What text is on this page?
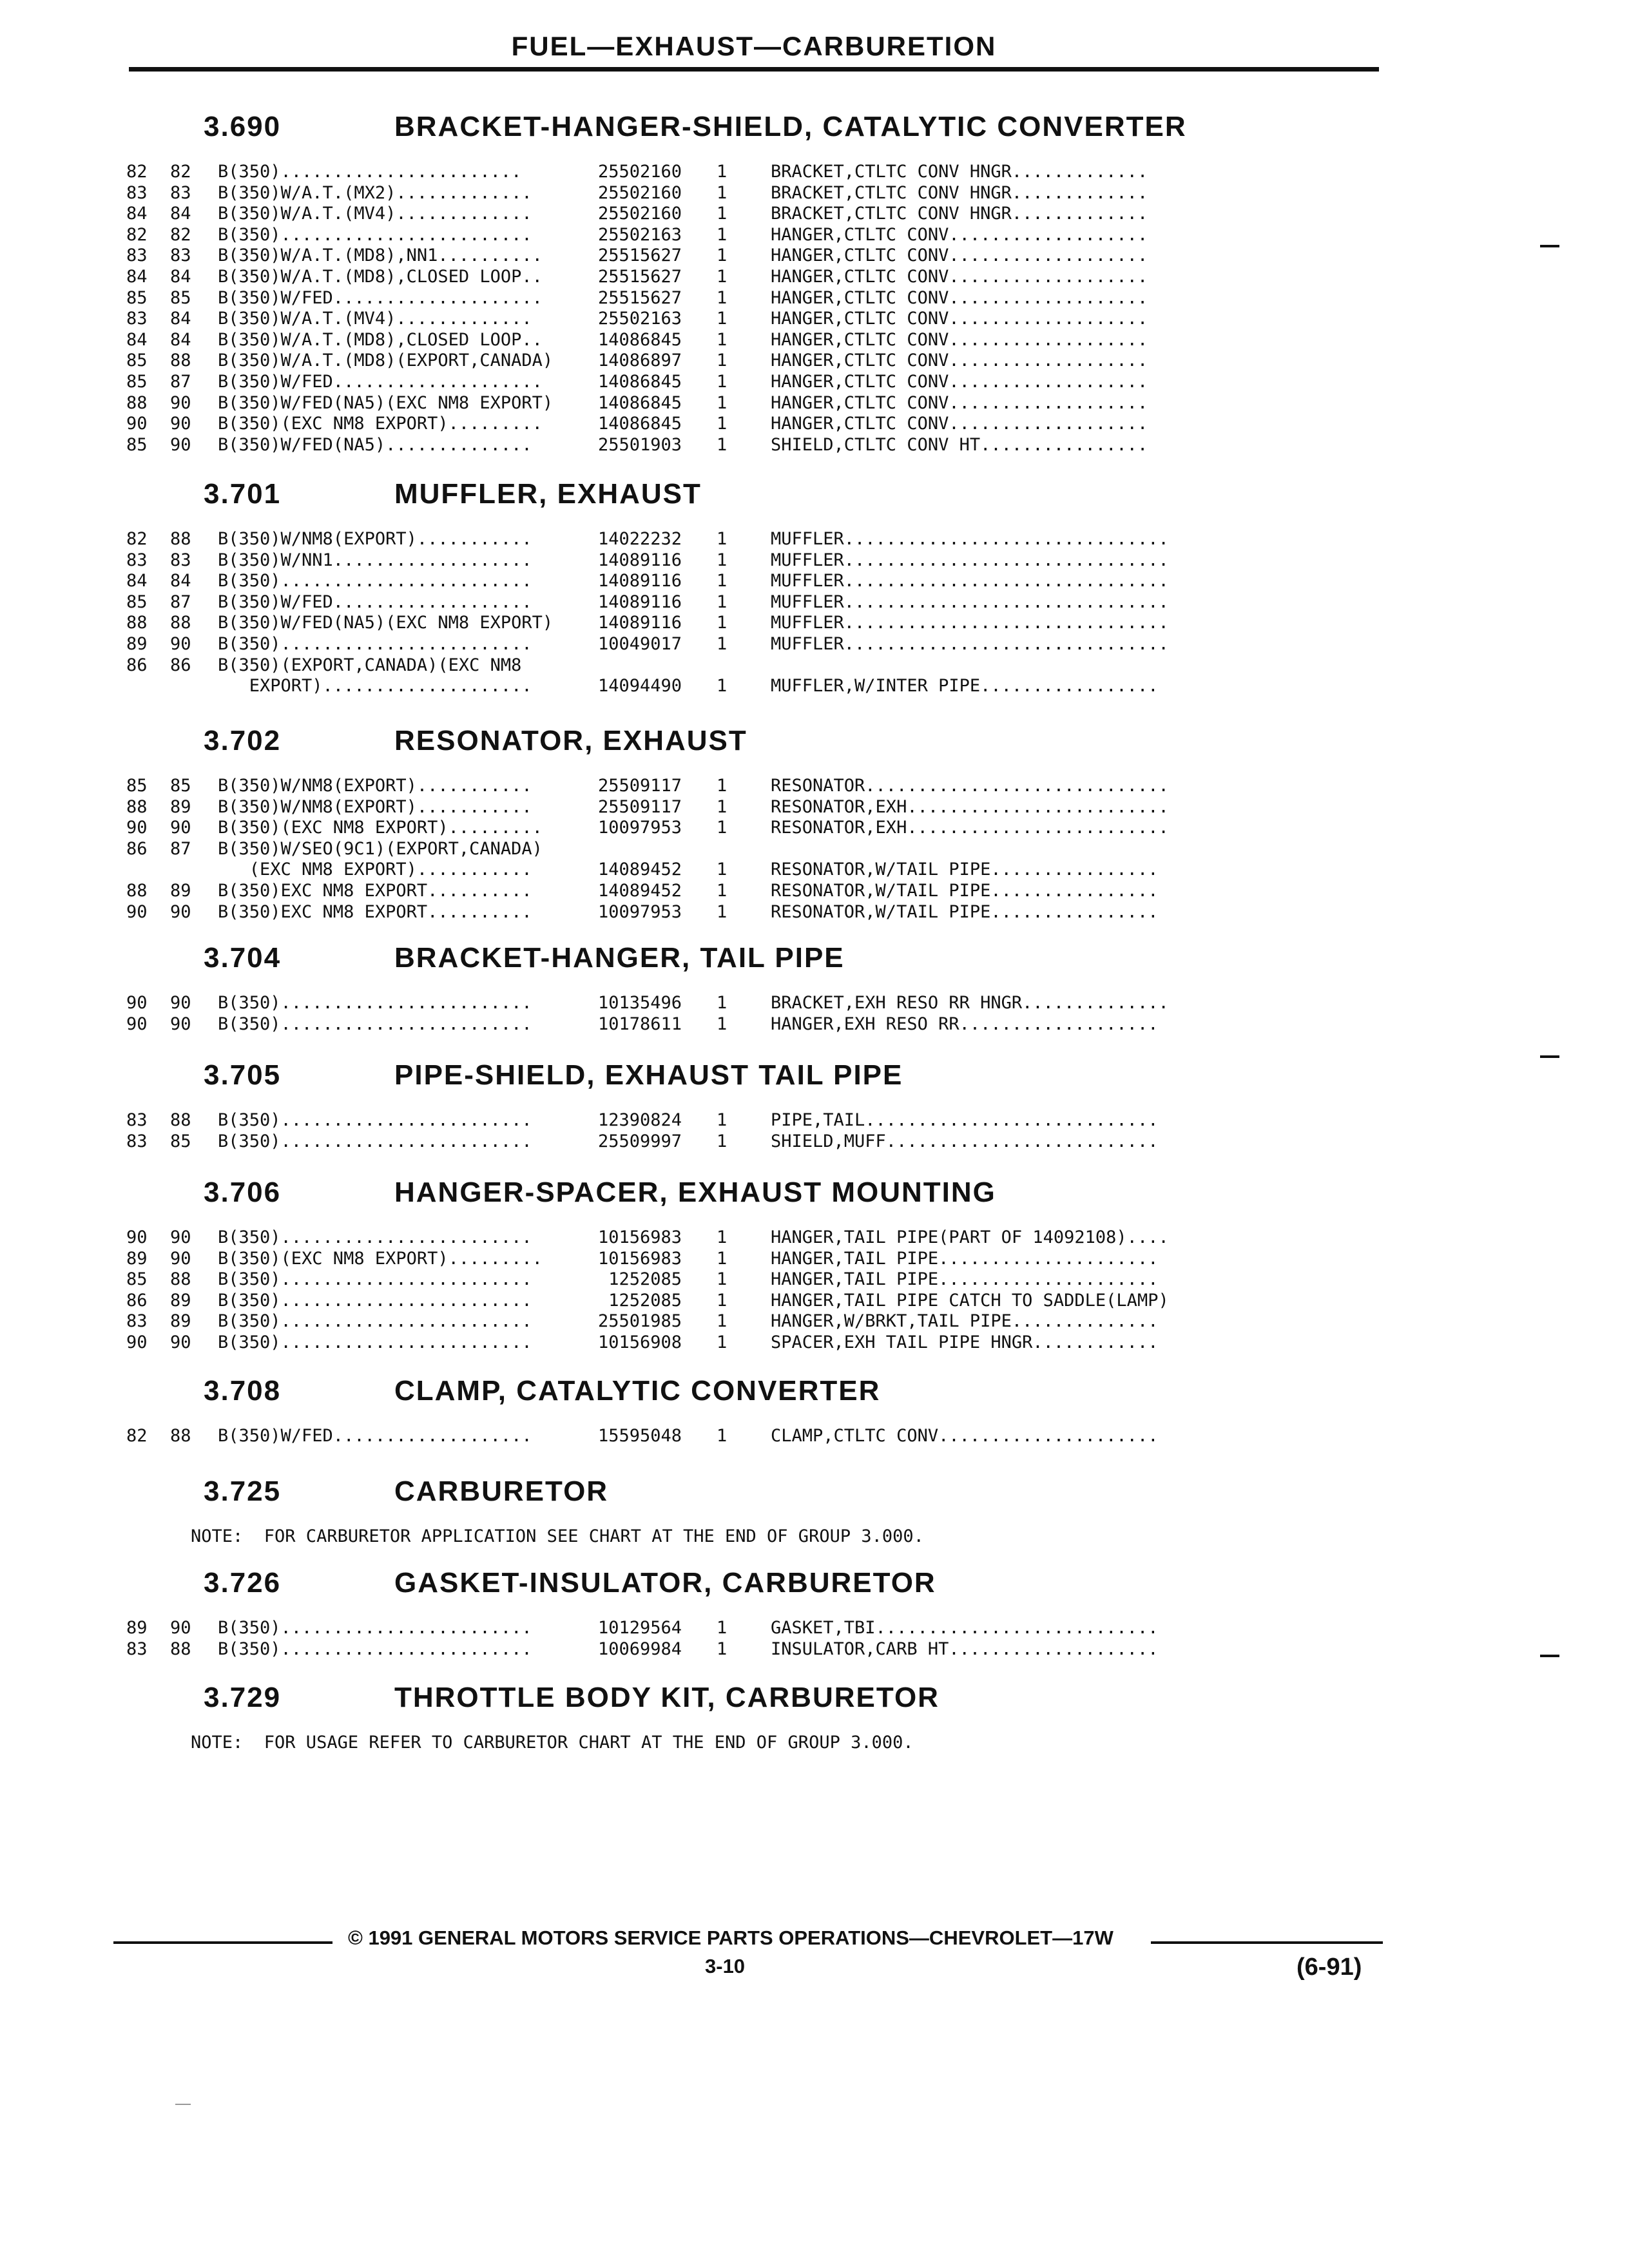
FUEL—EXHAUST—CARBURETION
3.690	BRACKET-HANGER-SHIELD, CATALYTIC CONVERTER
82 82 B(350).......................	25502160 1	BRACKET,CTLTC CONV HNGR.............
83 83 B(350)W/A.T.(MX2).............	25502160 1	BRACKET,CTLTC CONV HNGR.............
84 84 B(350)W/A.T.(MV4).............	25502160 1	BRACKET,CTLTC CONV HNGR.............
82 82 B(350)........................	25502163 1	HANGER,CTLTC CONV...................
83 83 B(350)W/A.T.(MD8),NN1..........	25515627 1	HANGER,CTLTC CONV...................
84 84 B(350)W/A.T.(MD8),CLOSED LOOP..	25515627 1	HANGER,CTLTC CONV...................
85 85 B(350)W/FED....................	25515627 1	HANGER,CTLTC CONV...................
83 84 B(350)W/A.T.(MV4).............	25502163 1	HANGER,CTLTC CONV...................
84 84 B(350)W/A.T.(MD8),CLOSED LOOP..	14086845 1	HANGER,CTLTC CONV...................
85 88 B(350)W/A.T.(MD8)(EXPORT,CANADA)	14086897 1	HANGER,CTLTC CONV...................
85 87 B(350)W/FED....................	14086845 1	HANGER,CTLTC CONV...................
88 90 B(350)W/FED(NA5)(EXC NM8 EXPORT)	14086845 1	HANGER,CTLTC CONV...................
90 90 B(350)(EXC NM8 EXPORT).........	14086845 1	HANGER,CTLTC CONV...................
85 90 B(350)W/FED(NA5)..............	25501903 1	SHIELD,CTLTC CONV HT................
3.701	MUFFLER, EXHAUST
82 88 B(350)W/NM8(EXPORT)...........	14022232 1	MUFFLER...............................
83 83 B(350)W/NN1...................	14089116 1	MUFFLER...............................
84 84 B(350)........................	14089116 1	MUFFLER...............................
85 87 B(350)W/FED...................	14089116 1	MUFFLER...............................
88 88 B(350)W/FED(NA5)(EXC NM8 EXPORT)	14089116 1	MUFFLER...............................
89 90 B(350)........................	10049017 1	MUFFLER...............................
86 86 B(350)(EXPORT,CANADA)(EXC NM8
EXPORT)....................	14094490 1	MUFFLER,W/INTER PIPE.................
3.702	RESONATOR, EXHAUST
85 85 B(350)W/NM8(EXPORT)...........	25509117 1	RESONATOR.............................
88 89 B(350)W/NM8(EXPORT)...........	25509117 1	RESONATOR,EXH.........................
90 90 B(350)(EXC NM8 EXPORT).........	10097953 1	RESONATOR,EXH.........................
86 87 B(350)W/SEO(9C1)(EXPORT,CANADA)
(EXC NM8 EXPORT)...........	14089452 1	RESONATOR,W/TAIL PIPE................
88 89 B(350)EXC NM8 EXPORT..........	14089452 1	RESONATOR,W/TAIL PIPE................
90 90 B(350)EXC NM8 EXPORT..........	10097953 1	RESONATOR,W/TAIL PIPE................
3.704	BRACKET-HANGER, TAIL PIPE
90 90 B(350)........................	10135496 1	BRACKET,EXH RESO RR HNGR..............
90 90 B(350)........................	10178611 1	HANGER,EXH RESO RR...................
3.705	PIPE-SHIELD, EXHAUST TAIL PIPE
83 88 B(350)........................	12390824 1	PIPE,TAIL............................
83 85 B(350)........................	25509997 1	SHIELD,MUFF..........................
3.706	HANGER-SPACER, EXHAUST MOUNTING
90 90 B(350)........................	10156983 1	HANGER,TAIL PIPE(PART OF 14092108)....
89 90 B(350)(EXC NM8 EXPORT).........	10156983 1	HANGER,TAIL PIPE.....................
85 88 B(350)........................	1252085 1	HANGER,TAIL PIPE.....................
86 89 B(350)........................	1252085 1	HANGER,TAIL PIPE CATCH TO SADDLE(LAMP)
83 89 B(350)........................	25501985 1	HANGER,W/BRKT,TAIL PIPE..............
90 90 B(350)........................	10156908 1	SPACER,EXH TAIL PIPE HNGR............
3.708	CLAMP, CATALYTIC CONVERTER
82 88 B(350)W/FED...................	15595048 1	CLAMP,CTLTC CONV.....................
3.725	CARBURETOR
NOTE:  FOR CARBURETOR APPLICATION SEE CHART AT THE END OF GROUP 3.000.
3.726	GASKET-INSULATOR, CARBURETOR
89 90 B(350)........................	10129564 1	GASKET,TBI...........................
83 88 B(350)........................	10069984 1	INSULATOR,CARB HT....................
3.729	THROTTLE BODY KIT, CARBURETOR
NOTE:  FOR USAGE REFER TO CARBURETOR CHART AT THE END OF GROUP 3.000.
© 1991 GENERAL MOTORS SERVICE PARTS OPERATIONS—CHEVROLET—17W
3-10	(6-91)
